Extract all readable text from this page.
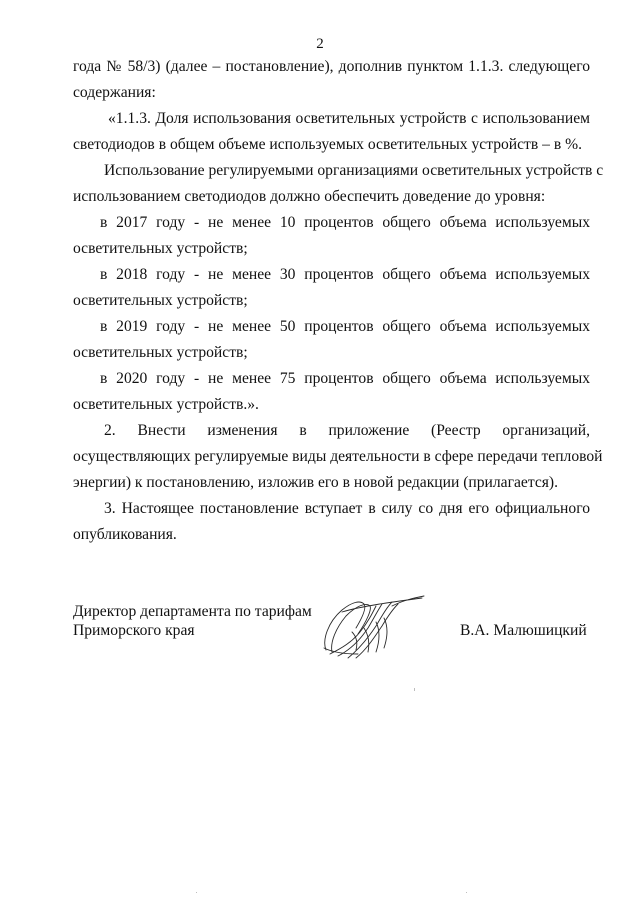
2
года № 58/3) (далее – постановление), дополнив пунктом 1.1.3. следующего
содержания:
«1.1.3. Доля использования осветительных устройств с использованием
светодиодов в общем объеме используемых осветительных устройств – в %.
Использование регулируемыми организациями осветительных устройств с
использованием светодиодов должно обеспечить доведение до уровня:
в 2017 году - не менее 10 процентов общего объема используемых
осветительных устройств;
в 2018 году - не менее 30 процентов общего объема используемых
осветительных устройств;
в 2019 году - не менее 50 процентов общего объема используемых
осветительных устройств;
в 2020 году - не менее 75 процентов общего объема используемых
осветительных устройств.».
2. Внести изменения в приложение (Реестр организаций,
осуществляющих регулируемые виды деятельности в сфере передачи тепловой
энергии) к постановлению, изложив его в новой редакции (прилагается).
3. Настоящее постановление вступает в силу со дня его официального
опубликования.
Директор департамента по тарифам
Приморского края	В.А. Малюшицкий
